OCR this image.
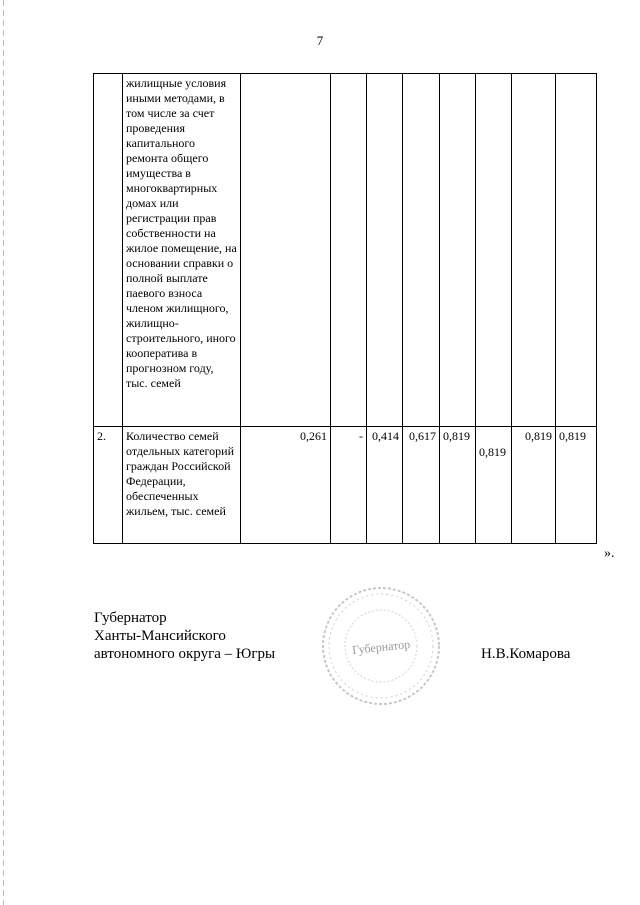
7
	жилищные условия иными методами, в том числе за счет проведения капитального ремонта общего имущества в многоквартирных домах или регистрации прав собственности на жилое помещение, на основании справки о полной выплате паевого взноса членом жилищного, жилищно-строительного, иного кооператива в прогнозном году, тыс. семей								
2.	Количество семей отдельных категорий граждан Российской Федерации, обеспеченных жильем, тыс. семей	0,261	-	0,414	0,617	0,819	0,819	0,819	0,819
».
Губернатор
Ханты-Мансийского
автономного округа – Югры	Губернатор	Н.В.Комарова
